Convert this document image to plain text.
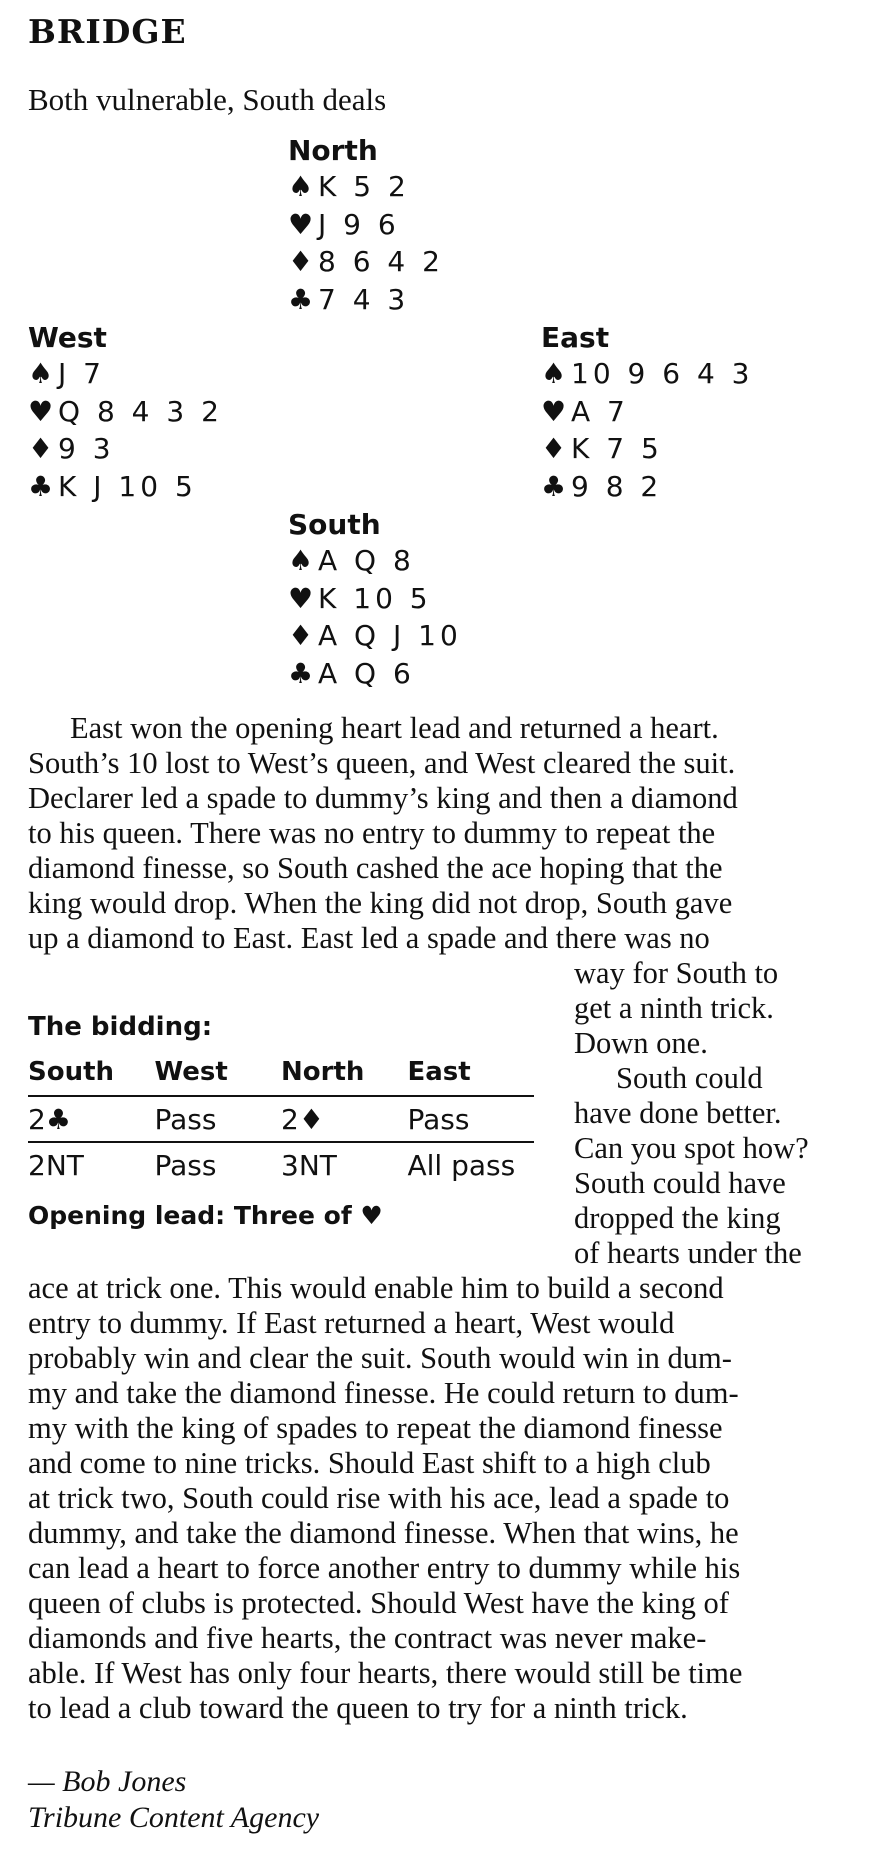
BRIDGE
Both vulnerable, South deals
North
♠ K 5 2
♥ J 9 6
♦ 8 6 4 2
♣ 7 4 3
West
♠ J 7
♥ Q 8 4 3 2
♦ 9 3
♣ K J 10 5
East
♠ 10 9 6 4 3
♥ A 7
♦ K 7 5
♣ 9 8 2
South
♠ A Q 8
♥ K 10 5
♦ A Q J 10
♣ A Q 6
East won the opening heart lead and returned a heart.
South’s 10 lost to West’s queen, and West cleared the suit.
Declarer led a spade to dummy’s king and then a diamond
to his queen. There was no entry to dummy to repeat the
diamond finesse, so South cashed the ace hoping that the
king would drop. When the king did not drop, South gave
up a diamond to East. East led a spade and there was no
way for South to
get a ninth trick.
Down one.
South could
have done better.
Can you spot how?
South could have
dropped the king
of hearts under the
ace at trick one. This would enable him to build a second
entry to dummy. If East returned a heart, West would
probably win and clear the suit. South would win in dum-
my and take the diamond finesse. He could return to dum-
my with the king of spades to repeat the diamond finesse
and come to nine tricks. Should East shift to a high club
at trick two, South could rise with his ace, lead a spade to
dummy, and take the diamond finesse. When that wins, he
can lead a heart to force another entry to dummy while his
queen of clubs is protected. Should West have the king of
diamonds and five hearts, the contract was never make-
able. If West has only four hearts, there would still be time
to lead a club toward the queen to try for a ninth trick.
The bidding:
South	West	North	East
2♣	Pass	2♦	Pass
2NT	Pass	3NT	All pass
Opening lead: Three of ♥
— Bob Jones
Tribune Content Agency
